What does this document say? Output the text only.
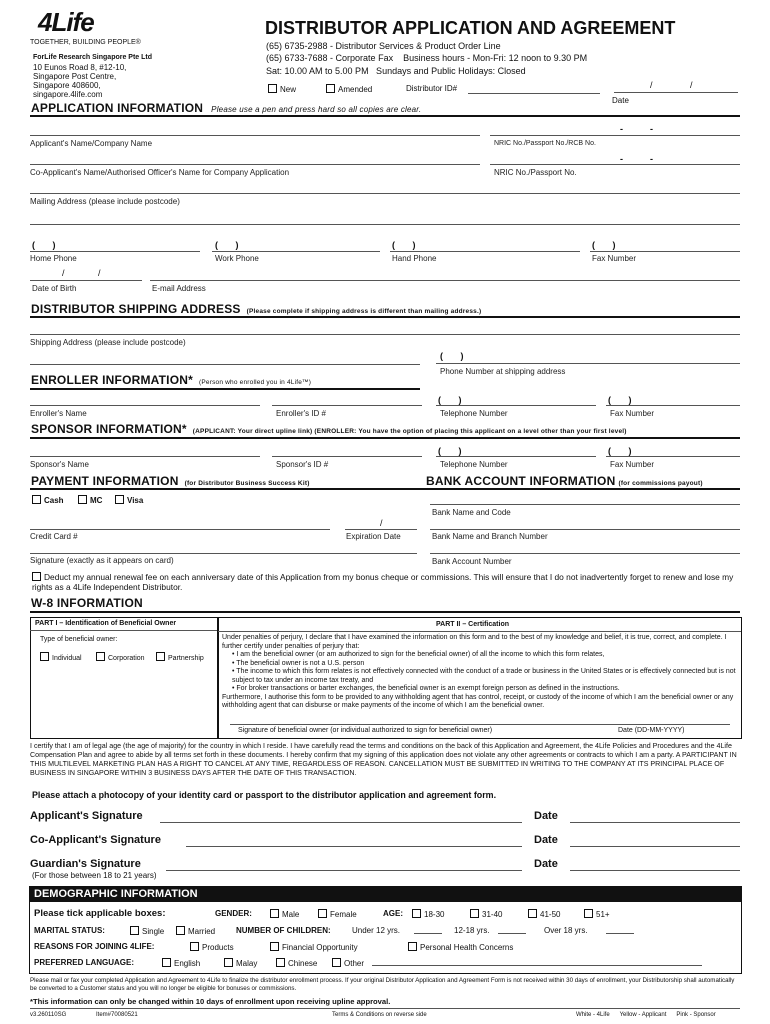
4Life
TOGETHER, BUILDING PEOPLE®
ForLife Research Singapore Pte Ltd
10 Eunos Road 8, #12-10,
Singapore Post Centre,
Singapore 408600,
singapore.4life.com
DISTRIBUTOR APPLICATION AND AGREEMENT
(65) 6735-2988 - Distributor Services & Product Order Line
(65) 6733-7688 - Corporate Fax    Business hours - Mon-Fri: 12 noon to 9.30 PM
Sat: 10.00 AM to 5.00 PM   Sundays and Public Holidays: Closed
New	Amended	Distributor ID#	/	/
Date
APPLICATION INFORMATION Please use a pen and press hard so all copies are clear.
-	-
Applicant's Name/Company Name	NRIC No./Passport No./RCB No.
-	-
Co-Applicant's Name/Authorised Officer's Name for Company Application	NRIC No./Passport No.
Mailing Address (please include postcode)
(       )	(       )	(       )	(       )
Home Phone	Work Phone	Hand Phone	Fax Number
/	/
Date of Birth	E-mail Address
DISTRIBUTOR SHIPPING ADDRESS (Please complete if shipping address is different than mailing address.)
Shipping Address (please include postcode)
(       )
Phone Number at shipping address
ENROLLER INFORMATION* (Person who enrolled you in 4Life™)
(       )	(       )
Enroller's Name	Enroller's ID #	Telephone Number	Fax Number
SPONSOR INFORMATION* (APPLICANT: Your direct upline link) (ENROLLER: You have the option of placing this applicant on a level other than your first level)
(       )	(       )
Sponsor's Name	Sponsor's ID #	Telephone Number	Fax Number
PAYMENT INFORMATION (for Distributor Business Success Kit)	BANK ACCOUNT INFORMATION (for commissions payout)
Cash	MC	Visa
Bank Name and Code
/
Credit Card #	Expiration Date	Bank Name and Branch Number
Signature (exactly as it appears on card)	Bank Account Number
Deduct my annual renewal fee on each anniversary date of this Application from my bonus cheque or commissions. This will ensure that I do not inadvertently forget to renew and lose my rights as a 4Life Independent Distributor.
W-8 INFORMATION
PART I – Identification of Beneficial Owner	PART II – Certification
Type of beneficial owner:
Individual	Corporation	Partnership
Under penalties of perjury, I declare that I have examined the information on this form and to the best of my knowledge and belief, it is true, correct, and complete. I further certify under penalties of perjury that:
• I am the beneficial owner (or am authorized to sign for the beneficial owner) of all the income to which this form relates,
• The beneficial owner is not a U.S. person
• The income to which this form relates is not effectively connected with the conduct of a trade or business in the United States or is effectively connected but is not subject to tax under an income tax treaty, and
• For broker transactions or barter exchanges, the beneficial owner is an exempt foreign person as defined in the instructions.
Furthermore, I authorise this form to be provided to any withholding agent that has control, receipt, or custody of the income of which I am the beneficial owner or any withholding agent that can disburse or make payments of the income of which I am the beneficial owner.
Signature of beneficial owner (or individual authorized to sign for beneficial owner)	Date (DD-MM-YYYY)
I certify that I am of legal age (the age of majority) for the country in which I reside. I have carefully read the terms and conditions on the back of this Application and Agreement, the 4Life Policies and Procedures and the 4Life Compensation Plan and agree to abide by all terms set forth in these documents. I hereby confirm that my signing of this application does not violate any other agreements or contracts to which I am a party. A PARTICIPANT IN THIS MULTILEVEL MARKETING PLAN HAS A RIGHT TO CANCEL AT ANY TIME, REGARDLESS OF REASON. CANCELLATION MUST BE SUBMITTED IN WRITING TO THE COMPANY AT ITS PRINCIPAL PLACE OF BUSINESS IN SINGAPORE WITHIN 3 BUSINESS DAYS AFTER THE DATE OF THIS TRANSACTION.
Please attach a photocopy of your identity card or passport to the distributor application and agreement form.
Applicant's Signature	Date
Co-Applicant's Signature	Date
Guardian's Signature	Date
(For those between 18 to 21 years)
DEMOGRAPHIC INFORMATION
Please tick applicable boxes:	GENDER:	Male	Female	AGE:	18-30	31-40	41-50	51+
MARITAL STATUS:	Single	Married	NUMBER OF CHILDREN:	Under 12 yrs.	12-18 yrs.	Over 18 yrs.
REASONS FOR JOINING 4LIFE:	Products	Financial Opportunity	Personal Health Concerns
PREFERRED LANGUAGE:	English	Malay	Chinese	Other
Please mail or fax your completed Application and Agreement to 4Life to finalize the distributor enrollment process. If your original Distributor Application and Agreement Form is not received within 30 days of enrollment, your Distributorship shall automatically be converted to a Customer status and you will no longer be eligible for bonuses or commissions.
*This information can only be changed within 10 days of enrollment upon receiving upline approval.
v3.260110SG	Item#70080521	Terms & Conditions on reverse side	White - 4Life      Yellow - Applicant      Pink - Sponsor
